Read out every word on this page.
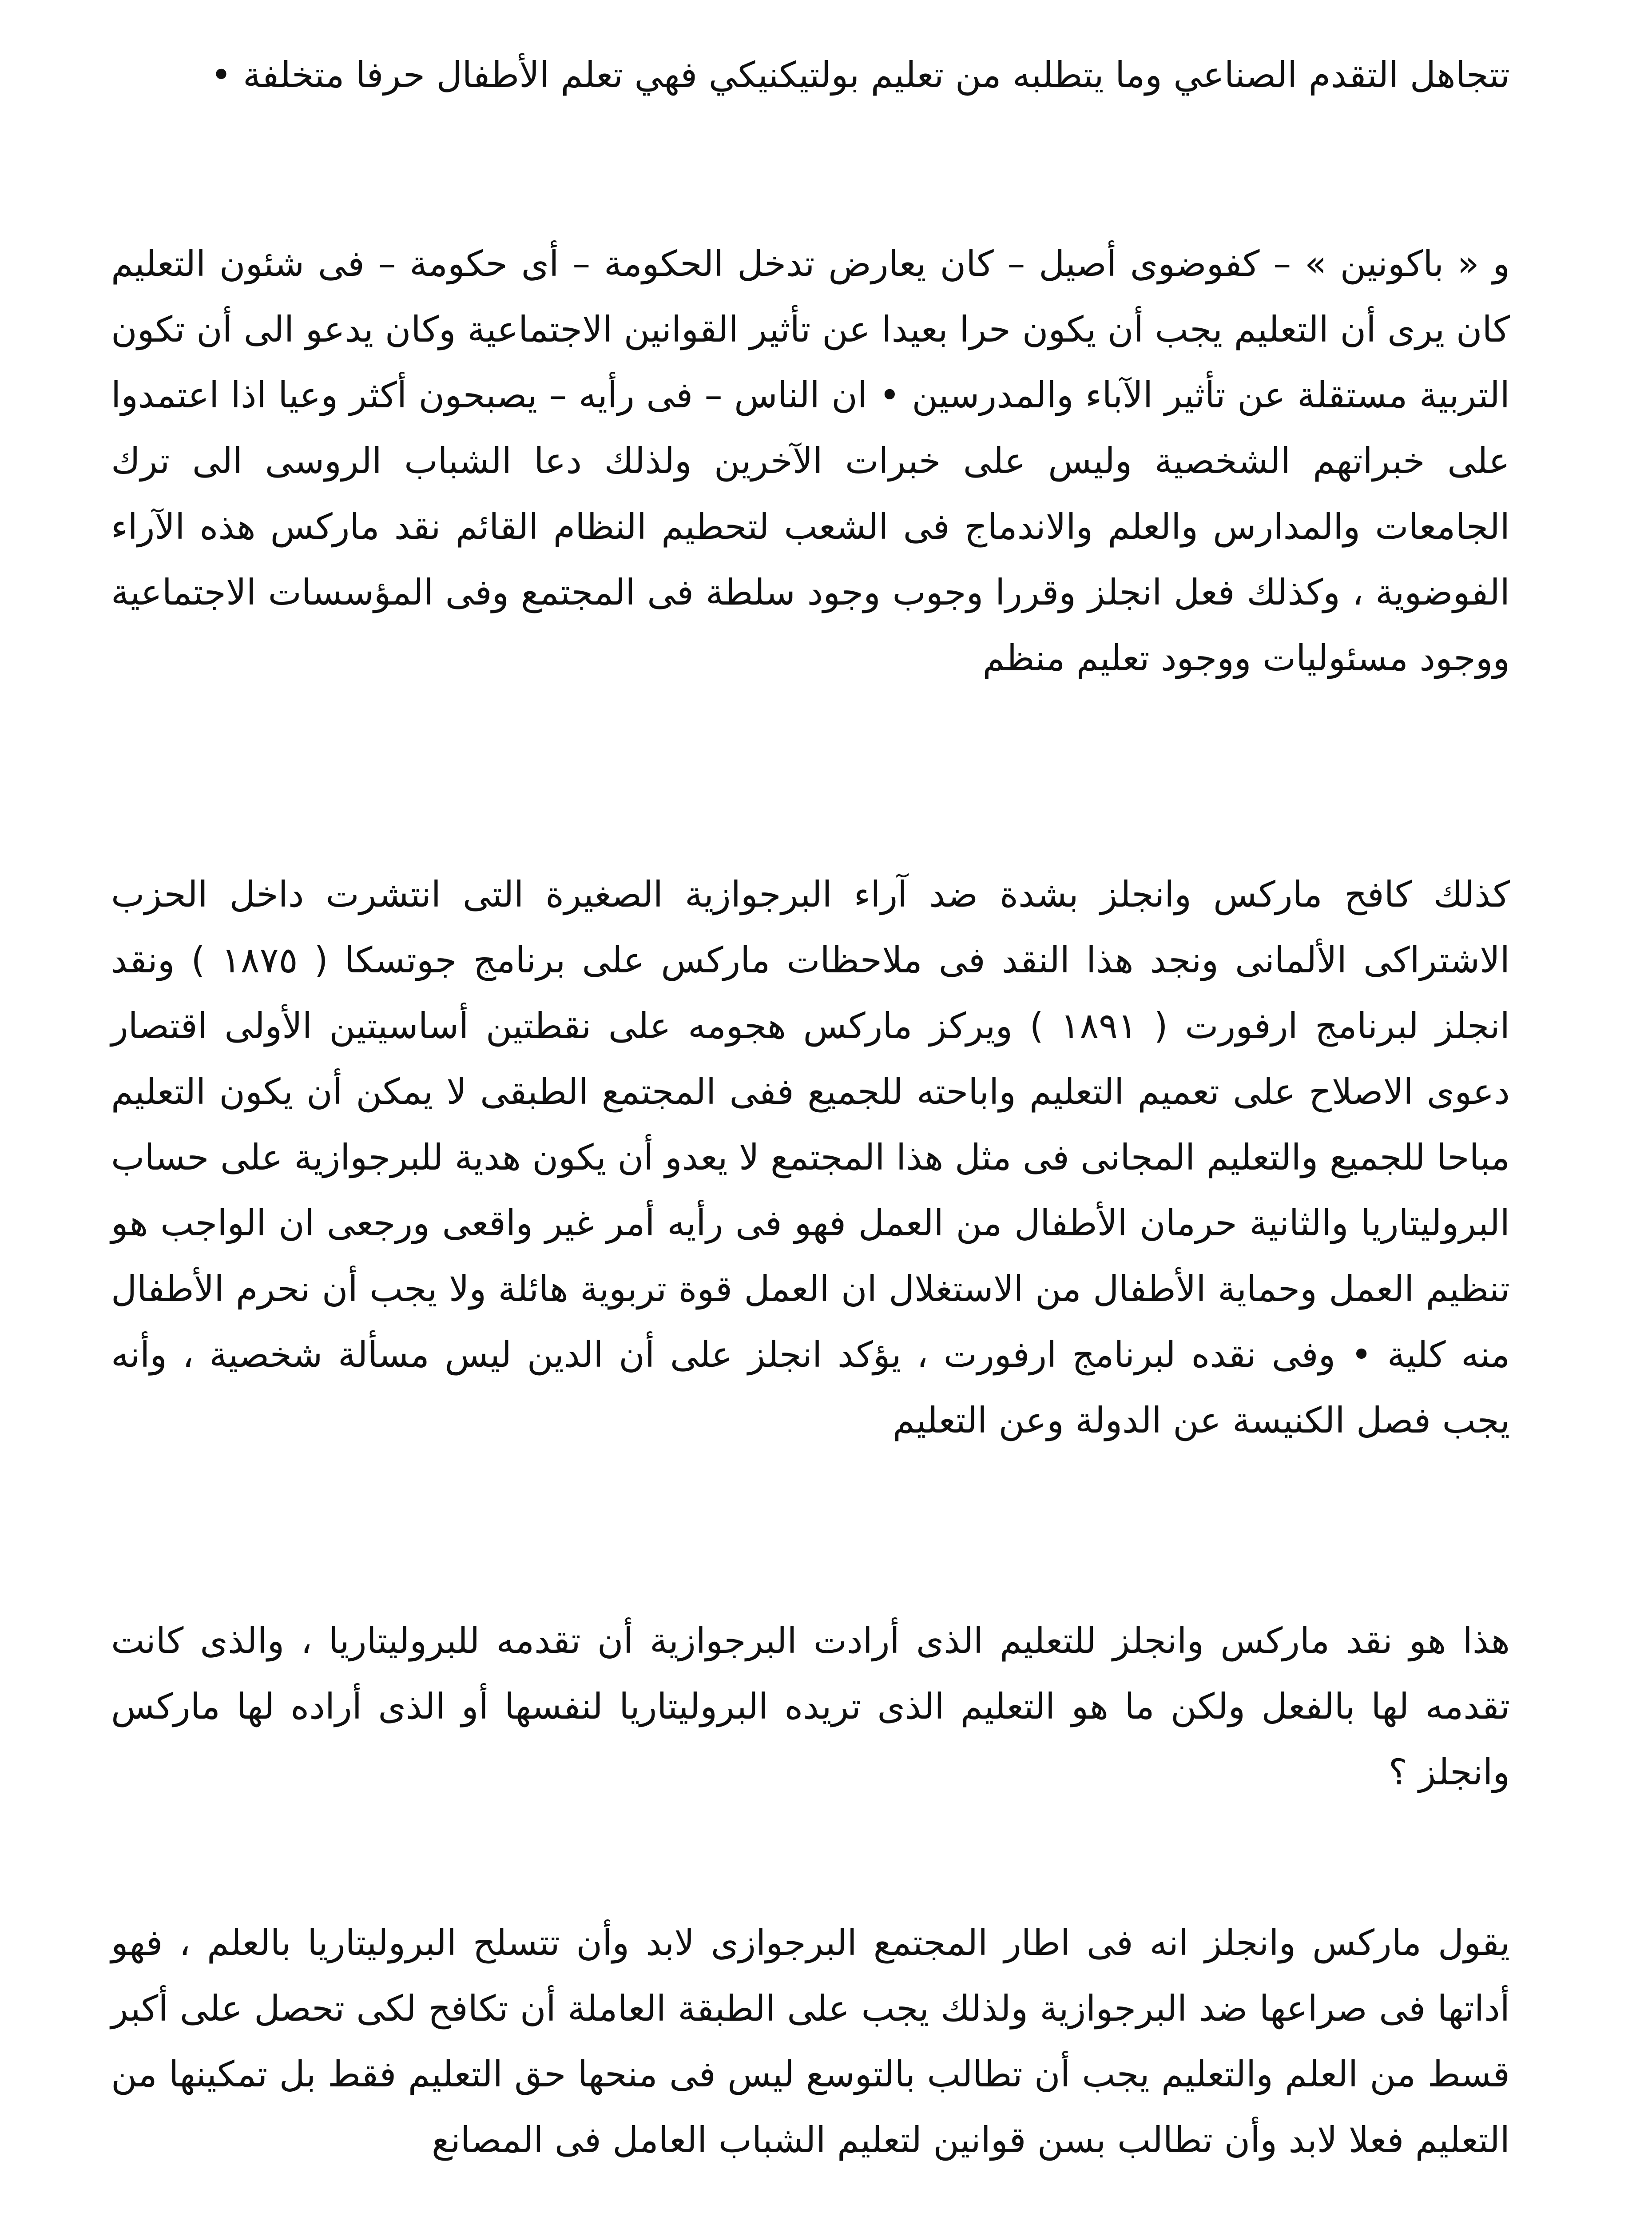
تتجاهل التقدم الصناعي وما يتطلبه من تعليم بولتيكنيكي فهي تعلم الأطفال حرفا متخلفة •

و « باكونين » – كفوضوى أصيل – كان يعارض تدخل الحكومة – أى حكومة – فى شئون التعليم كان يرى أن التعليم يجب أن يكون حرا بعيدا عن تأثير القوانين الاجتماعية وكان يدعو الى أن تكون التربية مستقلة عن تأثير الآباء والمدرسين • ان الناس – فى رأيه – يصبحون أكثر وعيا اذا اعتمدوا على خبراتهم الشخصية وليس على خبرات الآخرين ولذلك دعا الشباب الروسى الى ترك الجامعات والمدارس والعلم والاندماج فى الشعب لتحطيم النظام القائم نقد ماركس هذه الآراء الفوضوية ، وكذلك فعل انجلز وقررا وجوب وجود سلطة فى المجتمع وفى المؤسسات الاجتماعية ووجود مسئوليات ووجود تعليم منظم

كذلك كافح ماركس وانجلز بشدة ضد آراء البرجوازية الصغيرة التى انتشرت داخل الحزب الاشتراكى الألمانى ونجد هذا النقد فى ملاحظات ماركس على برنامج جوتسكا ( ١٨٧٥ ) ونقد انجلز لبرنامج ارفورت ( ١٨٩١ ) ويركز ماركس هجومه على نقطتين أساسيتين الأولى اقتصار دعوى الاصلاح على تعميم التعليم واباحته للجميع ففى المجتمع الطبقى لا يمكن أن يكون التعليم مباحا للجميع والتعليم المجانى فى مثل هذا المجتمع لا يعدو أن يكون هدية للبرجوازية على حساب البروليتاريا والثانية حرمان الأطفال من العمل فهو فى رأيه أمر غير واقعى ورجعى ان الواجب هو تنظيم العمل وحماية الأطفال من الاستغلال ان العمل قوة تربوية هائلة ولا يجب أن نحرم الأطفال منه كلية • وفى نقده لبرنامج ارفورت ، يؤكد انجلز على أن الدين ليس مسألة شخصية ، وأنه يجب فصل الكنيسة عن الدولة وعن التعليم

هذا هو نقد ماركس وانجلز للتعليم الذى أرادت البرجوازية أن تقدمه للبروليتاريا ، والذى كانت تقدمه لها بالفعل ولكن ما هو التعليم الذى تريده البروليتاريا لنفسها أو الذى أراده لها ماركس وانجلز ؟

يقول ماركس وانجلز انه فى اطار المجتمع البرجوازى لابد وأن تتسلح البروليتاريا بالعلم ، فهو أداتها فى صراعها ضد البرجوازية ولذلك يجب على الطبقة العاملة أن تكافح لكى تحصل على أكبر قسط من العلم والتعليم يجب أن تطالب بالتوسع ليس فى منحها حق التعليم فقط بل تمكينها من التعليم فعلا لابد وأن تطالب بسن قوانين لتعليم الشباب العامل فى المصانع
